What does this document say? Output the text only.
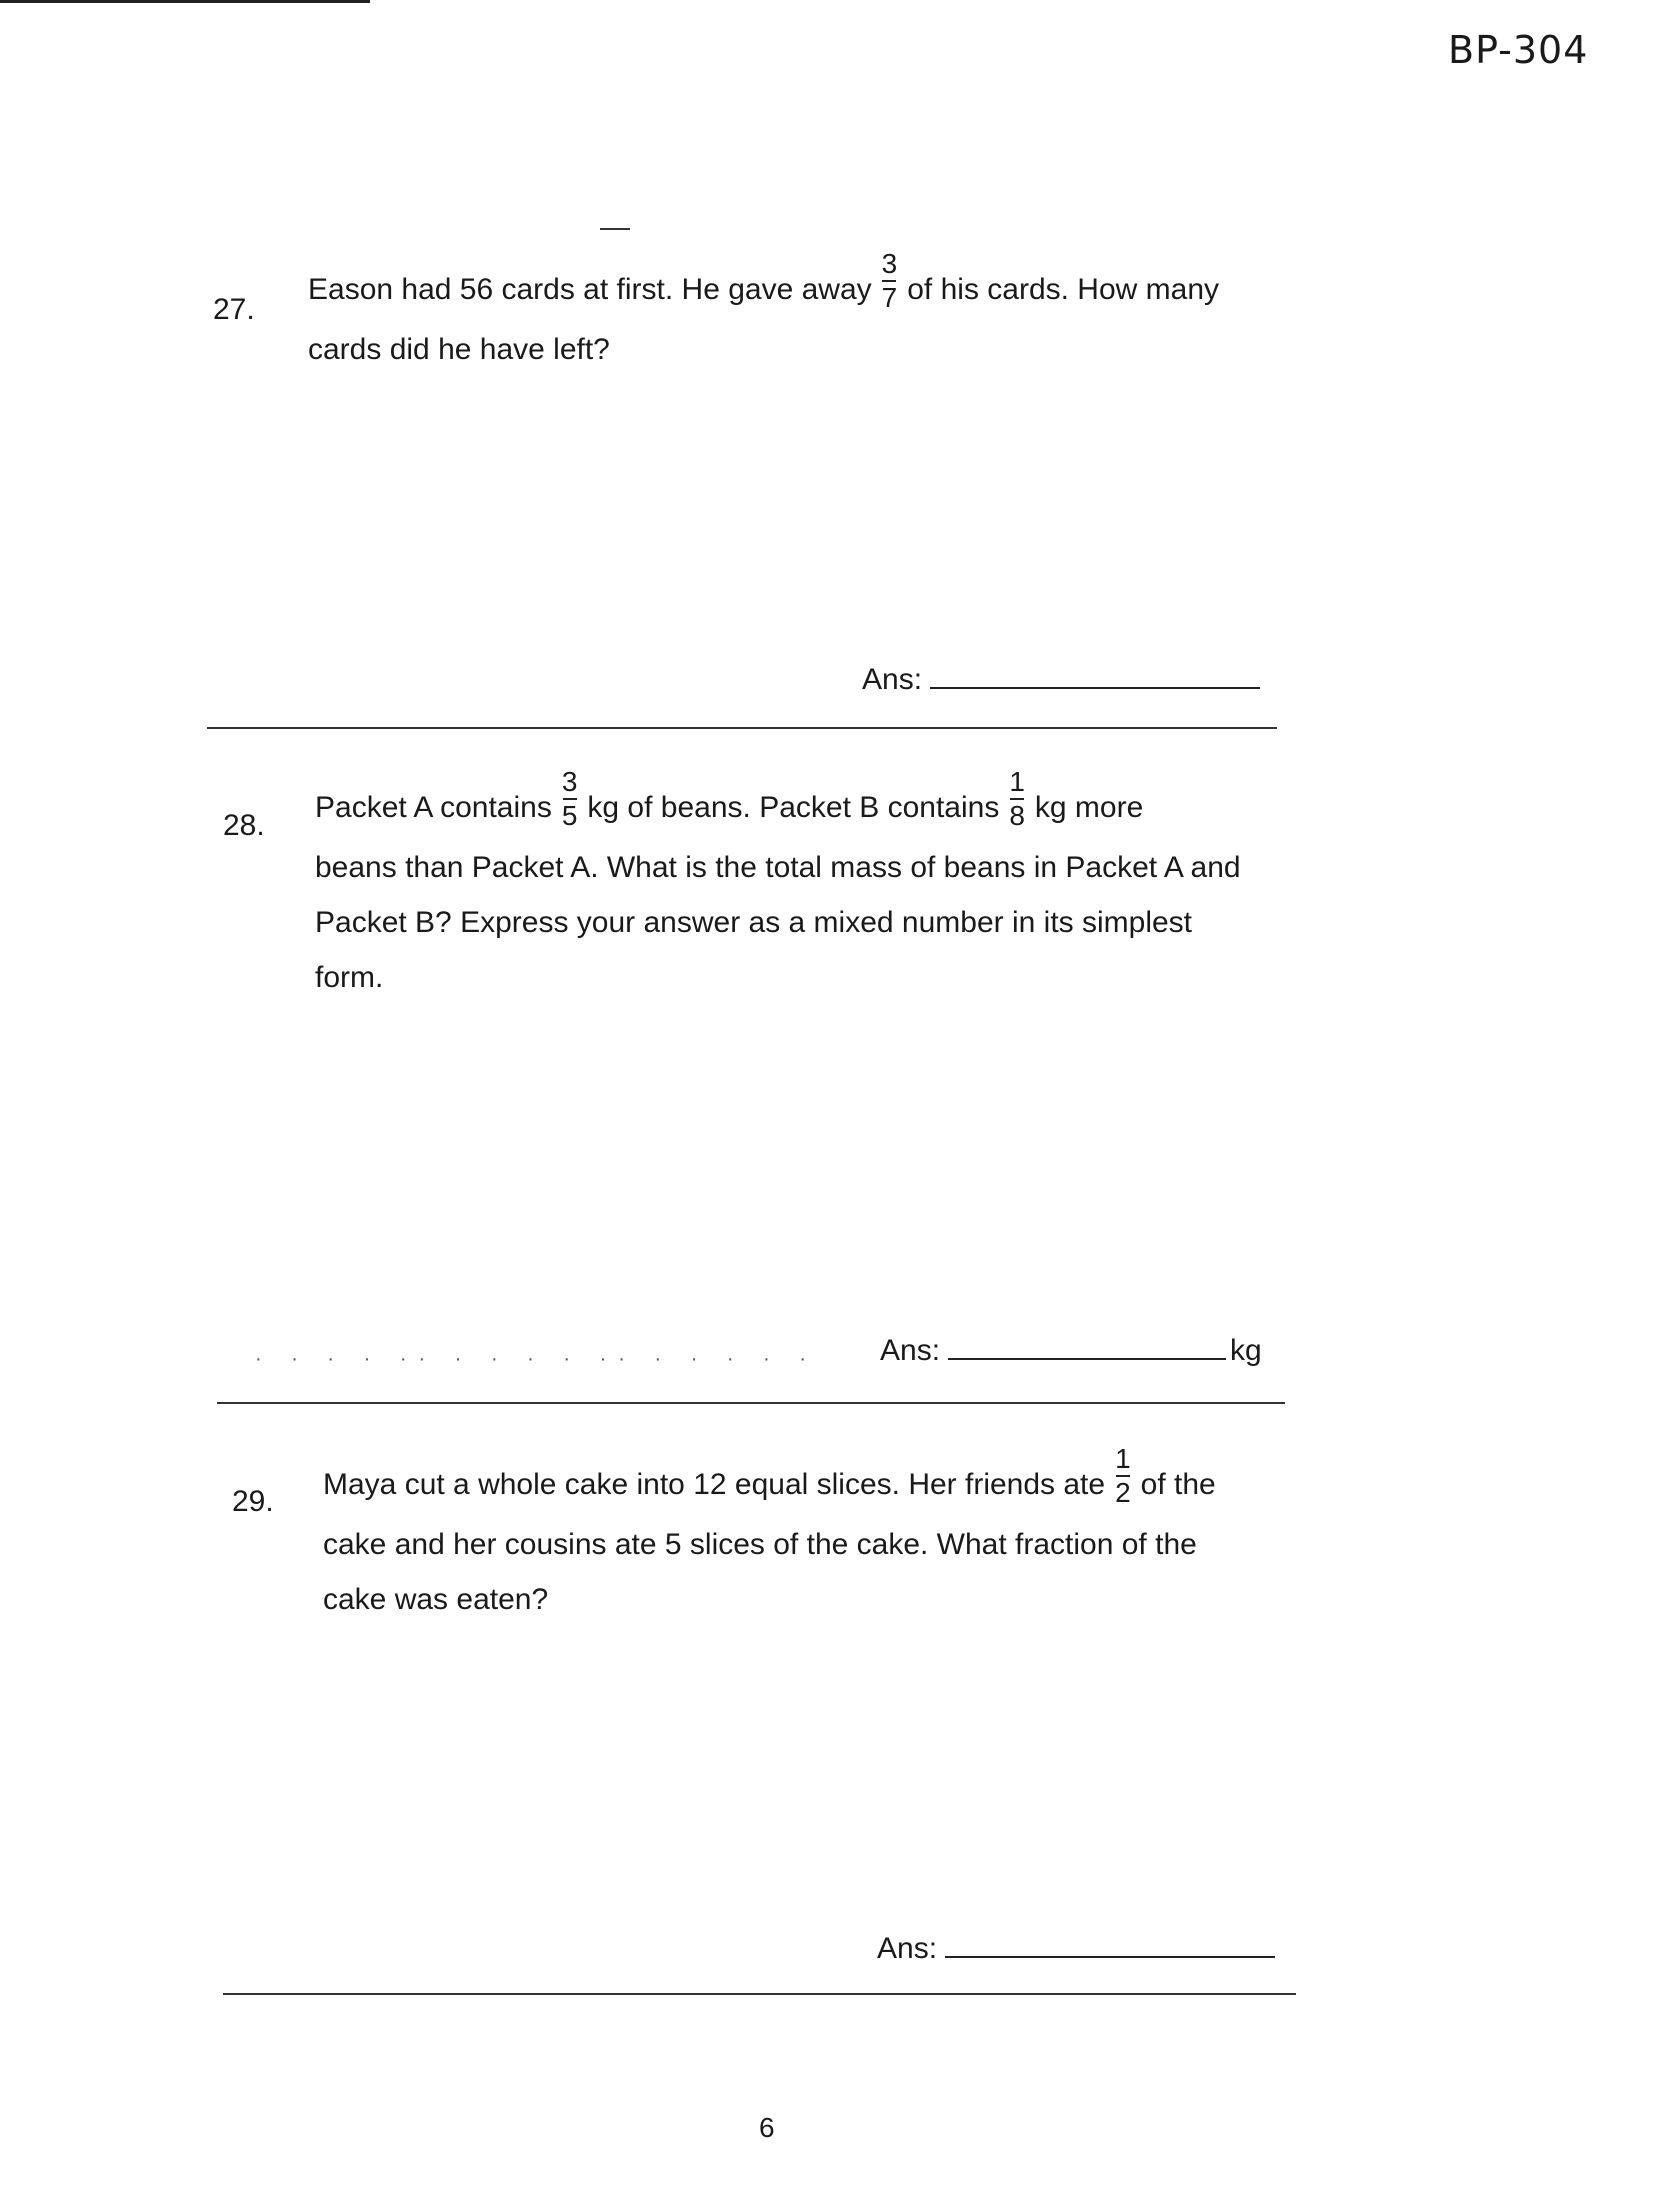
BP-304
27.
Eason had 56 cards at first. He gave away $\frac{3}{7}$ of his cards. How many
cards did he have left?
Ans:
28.
Packet A contains $\frac{3}{5}$ kg of beans. Packet B contains $\frac{1}{8}$ kg more
beans than Packet A. What is the total mass of beans in Packet A and
Packet B? Express your answer as a mixed number in its simplest
form.
· · · · ·· · · · · ·· · · · · · Ans:	kg
29.
Maya cut a whole cake into 12 equal slices. Her friends ate $\frac{1}{2}$ of the
cake and her cousins ate 5 slices of the cake. What fraction of the
cake was eaten?
Ans:
6
